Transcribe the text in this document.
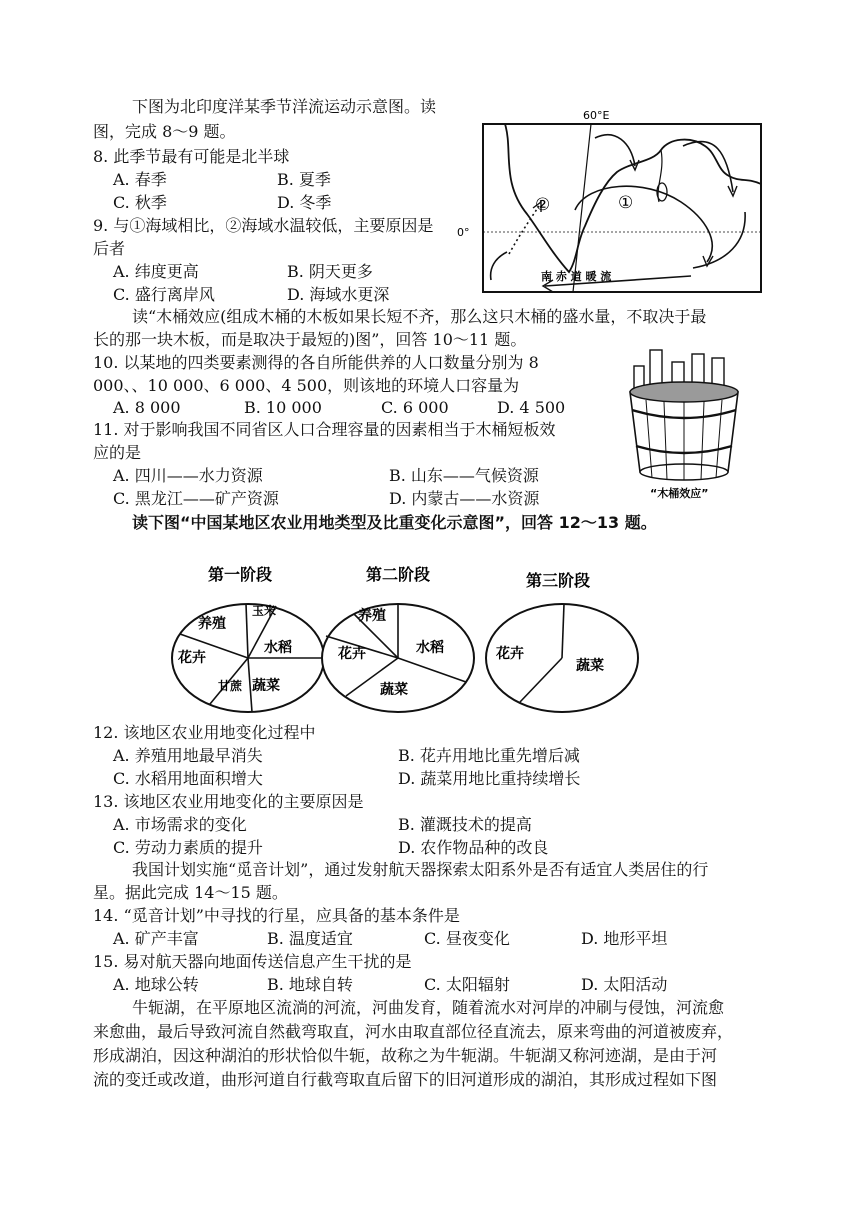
下图为北印度洋某季节洋流运动示意图。读
图，完成 8～9 题。
8. 此季节最有可能是北半球
A. 春季	B. 夏季
C. 秋季	D. 冬季
9. 与①海域相比，②海域水温较低，主要原因是
后者
A. 纬度更高	B. 阴天更多
C. 盛行离岸风	D. 海域水更深
60°E
0°
②	①
南 赤 道 暖 流
读“木桶效应(组成木桶的木板如果长短不齐，那么这只木桶的盛水量，不取决于最
长的那一块木板，而是取决于最短的)图”，回答 10～11 题。
10. 以某地的四类要素测得的各自所能供养的人口数量分别为 8
000、、10 000、6 000、4 500，则该地的环境人口容量为
A. 8 000	B. 10 000	C. 6 000	D. 4 500
11. 对于影响我国不同省区人口合理容量的因素相当于木桶短板效
应的是
A. 四川——水力资源	B. 山东——气候资源
C. 黑龙江——矿产资源	D. 内蒙古——水资源	“木桶效应”
读下图“中国某地区农业用地类型及比重变化示意图”，回答 12～13 题。
第一阶段
养殖
玉米
水稻
蔬菜
甘蔗
花卉
第二阶段
养殖
水稻
蔬菜
花卉
第三阶段
花卉
蔬菜
12. 该地区农业用地变化过程中
A. 养殖用地最早消失	B. 花卉用地比重先增后减
C. 水稻用地面积增大	D. 蔬菜用地比重持续增长
13. 该地区农业用地变化的主要原因是
A. 市场需求的变化	B. 灌溉技术的提高
C. 劳动力素质的提升	D. 农作物品种的改良
我国计划实施“觅音计划”，通过发射航天器探索太阳系外是否有适宜人类居住的行
星。据此完成 14～15 题。
14. “觅音计划”中寻找的行星，应具备的基本条件是
A. 矿产丰富	B. 温度适宜	C. 昼夜变化	D. 地形平坦
15. 易对航天器向地面传送信息产生干扰的是
A. 地球公转	B. 地球自转	C. 太阳辐射	D. 太阳活动
牛轭湖，在平原地区流淌的河流，河曲发育，随着流水对河岸的冲刷与侵蚀，河流愈
来愈曲，最后导致河流自然截弯取直，河水由取直部位径直流去，原来弯曲的河道被废弃，
形成湖泊，因这种湖泊的形状恰似牛轭，故称之为牛轭湖。牛轭湖又称河迹湖，是由于河
流的变迁或改道，曲形河道自行截弯取直后留下的旧河道形成的湖泊，其形成过程如下图
